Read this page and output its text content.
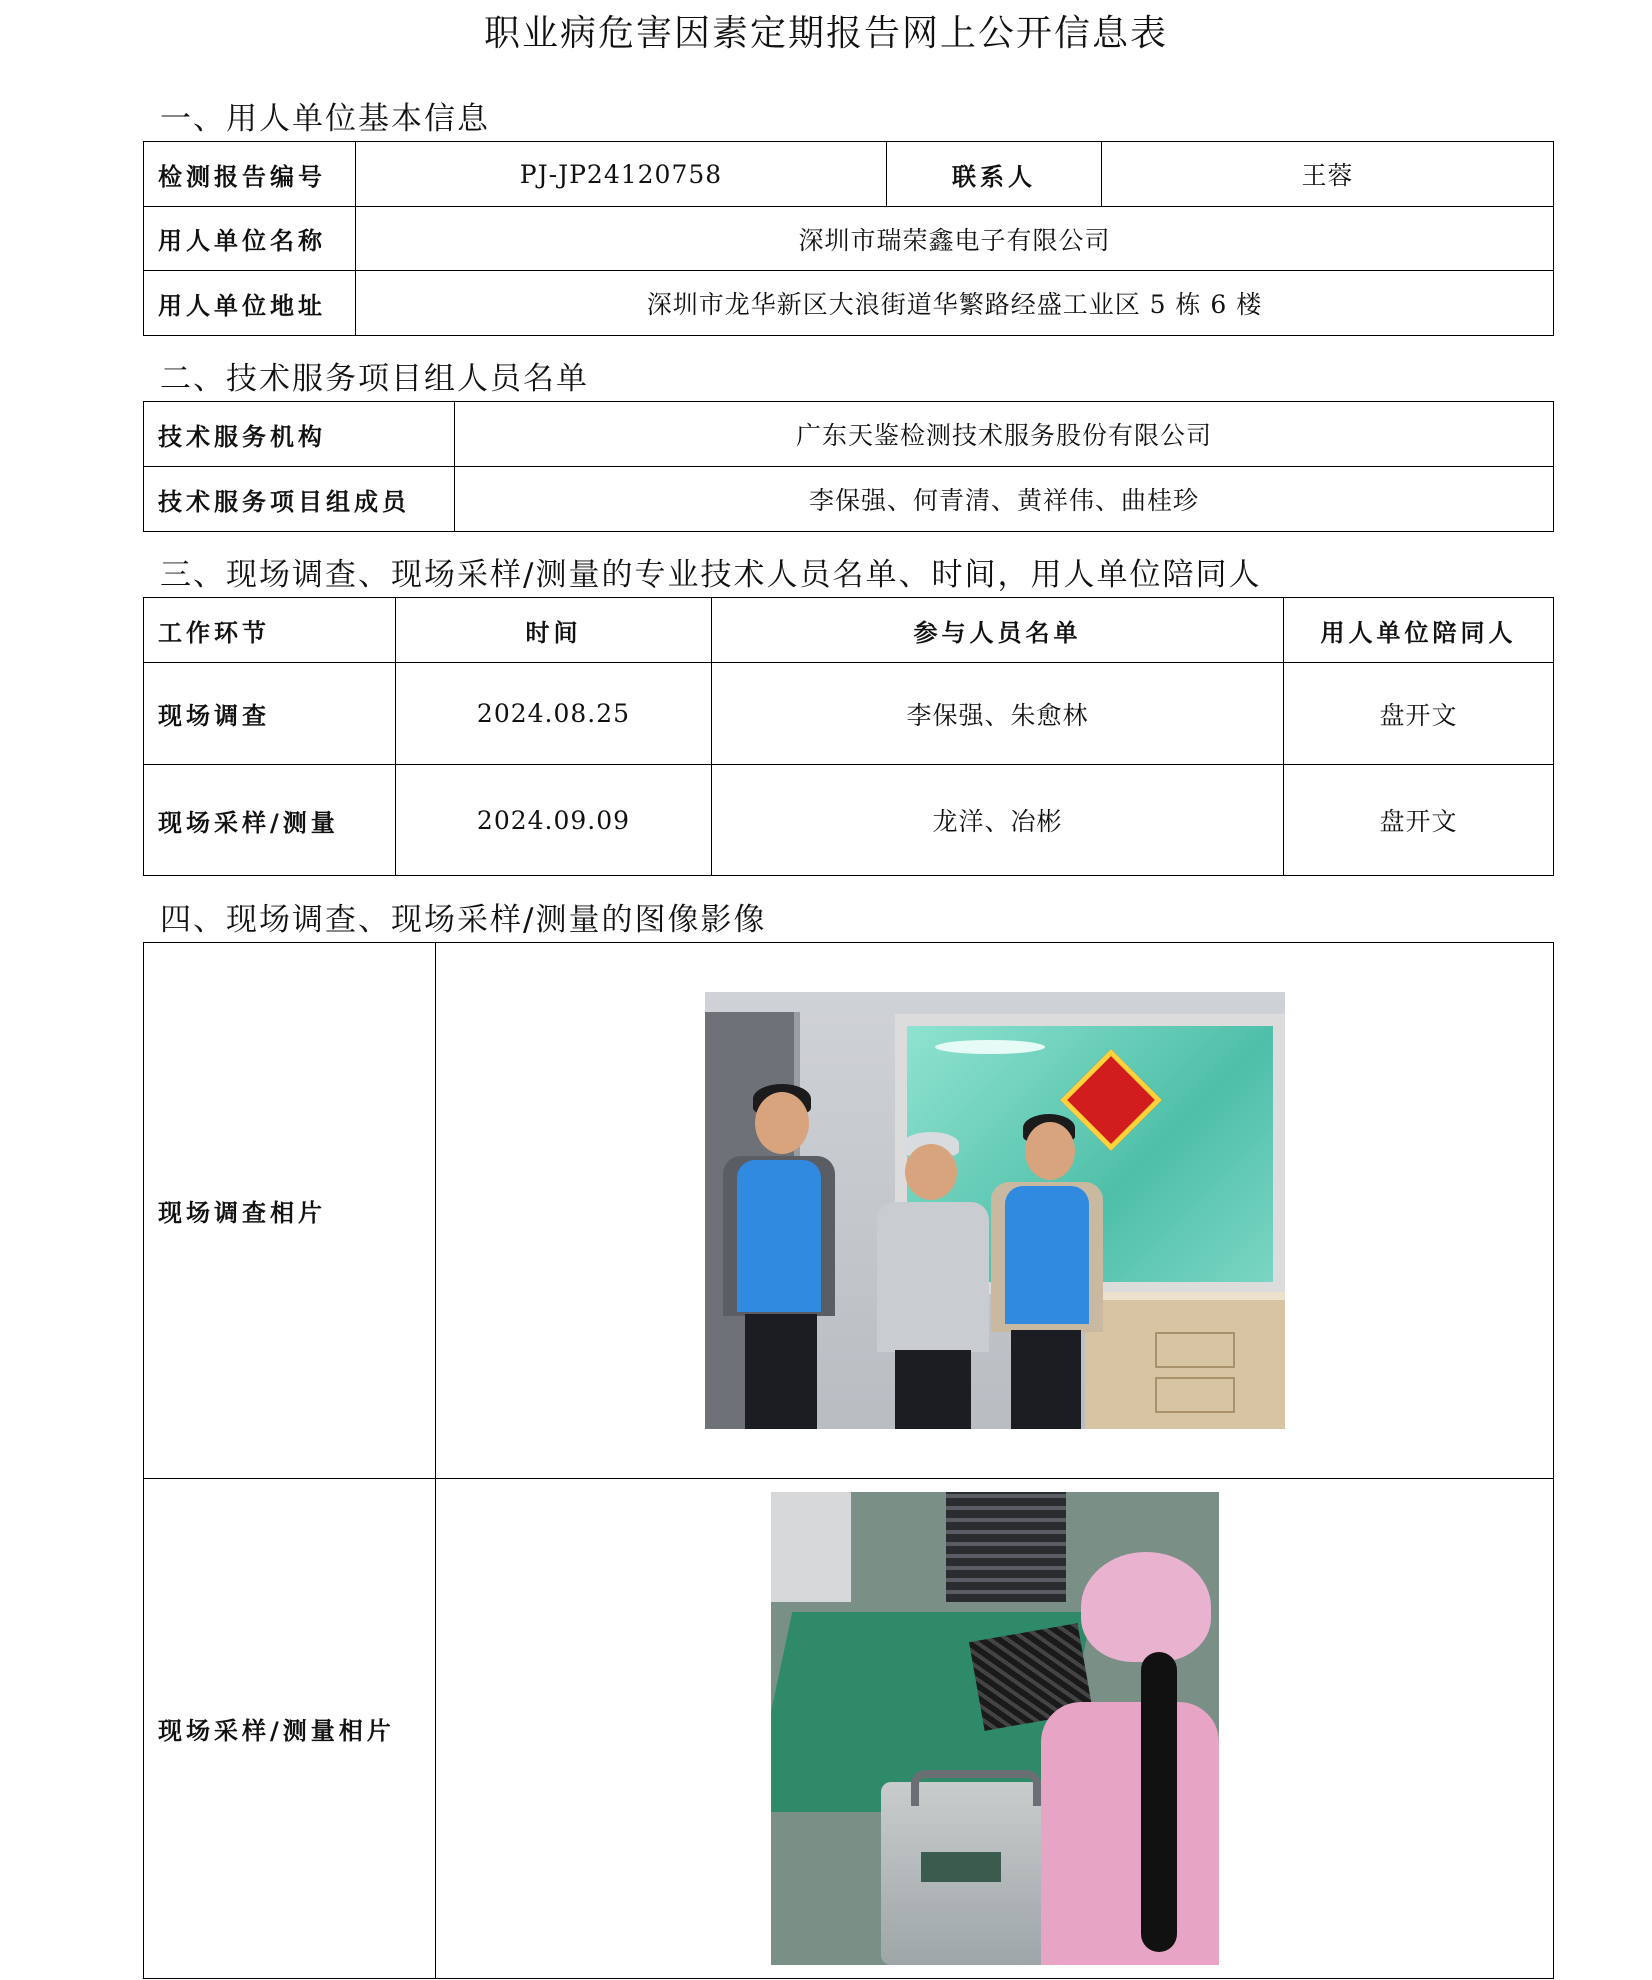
职业病危害因素定期报告网上公开信息表
一、用人单位基本信息
检测报告编号	PJ-JP24120758	联系人	王蓉
用人单位名称	深圳市瑞荣鑫电子有限公司		
用人单位地址	深圳市龙华新区大浪街道华繁路经盛工业区 5 栋 6 楼		
二、技术服务项目组人员名单
技术服务机构	广东天鉴检测技术服务股份有限公司
技术服务项目组成员	李保强、何青清、黄祥伟、曲桂珍
三、现场调查、现场采样/测量的专业技术人员名单、时间，用人单位陪同人
工作环节	时间	参与人员名单	用人单位陪同人
现场调查	2024.08.25	李保强、朱愈林	盘开文
现场采样/测量	2024.09.09	龙洋、冶彬	盘开文
四、现场调查、现场采样/测量的图像影像
现场调查相片	

现场采样/测量相片	
